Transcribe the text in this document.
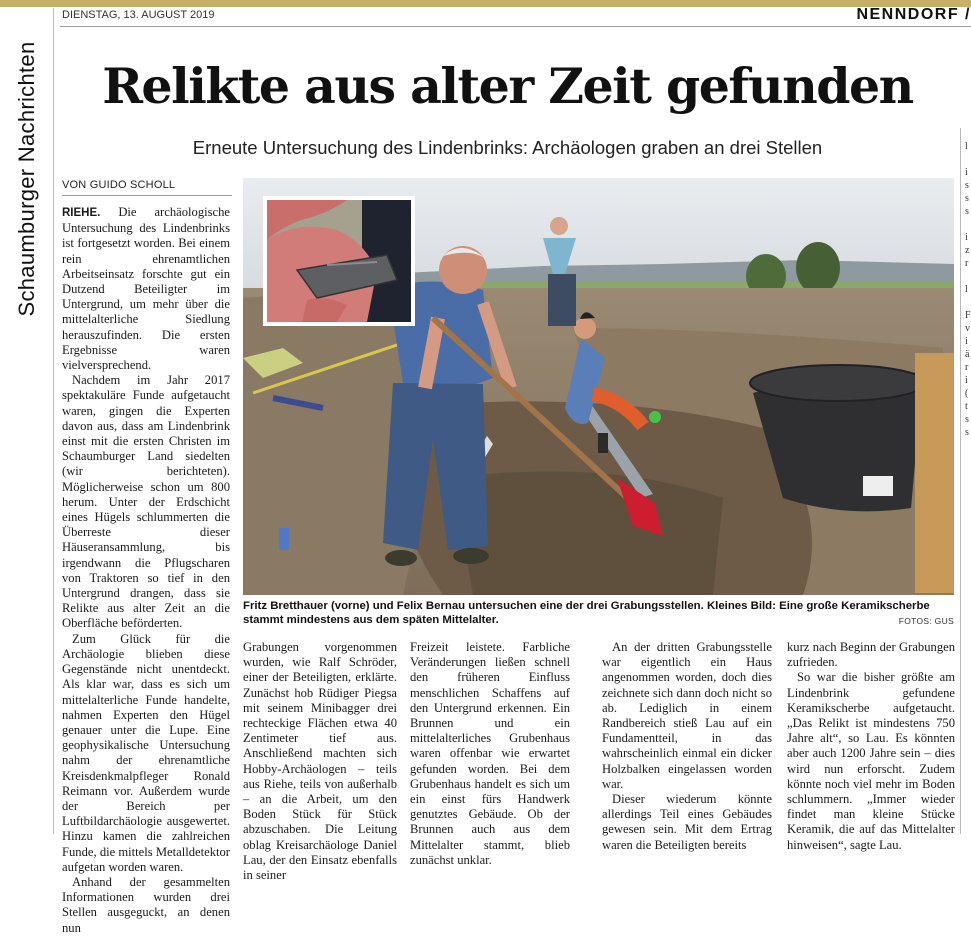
Schaumburger Nachrichten
DIENSTAG, 13. AUGUST 2019	NENNDORF /
Relikte aus alter Zeit gefunden
Erneute Untersuchung des Lindenbrinks: Archäologen graben an drei Stellen	l
i
s
s
s
i
z
r
l
F
v
i
ä
r
i
(
t
s
s
VON GUIDO SCHOLL

RIEHE. Die archäologische Untersuchung des Lindenbrinks ist fortgesetzt worden. Bei einem rein ehrenamtlichen Arbeitseinsatz forschte gut ein Dutzend Beteiligter im Untergrund, um mehr über die mittelalterliche Siedlung herauszufinden. Die ersten Ergebnisse waren vielversprechend.

Nachdem im Jahr 2017 spektakuläre Funde aufgetaucht waren, gingen die Experten davon aus, dass am Lindenbrink einst mit die ersten Christen im Schaumburger Land siedelten (wir berichteten). Möglicherweise schon um 800 herum. Unter der Erdschicht eines Hügels schlummerten die Überreste dieser Häuseransammlung, bis irgendwann die Pflugscharen von Traktoren so tief in den Untergrund drangen, dass sie Relikte aus alter Zeit an die Oberfläche beförderten.

Zum Glück für die Archäologie blieben diese Gegenstände nicht unentdeckt. Als klar war, dass es sich um mittelalterliche Funde handelte, nahmen Experten den Hügel genauer unter die Lupe. Eine geophysikalische Untersuchung nahm der ehrenamtliche Kreisdenkmalpfleger Ronald Reimann vor. Außerdem wurde der Bereich per Luftbildarchäologie ausgewertet. Hinzu kamen die zahlreichen Funde, die mittels Metalldetektor aufgetan worden waren.

Anhand der gesammelten Informationen wurden drei Stellen ausgeguckt, an denen nun

Fritz Bretthauer (vorne) und Felix Bernau untersuchen eine der drei Grabungsstellen. Kleines Bild: Eine große Keramikscherbe stammt mindestens aus dem späten Mittelalter.	FOTOS: GUS

Grabungen vorgenommen wurden, wie Ralf Schröder, einer der Beteiligten, erklärte. Zunächst hob Rüdiger Piegsa mit seinem Minibagger drei rechteckige Flächen etwa 40 Zentimeter tief aus. Anschließend machten sich Hobby-Archäologen – teils aus Riehe, teils von außerhalb – an die Arbeit, um den Boden Stück für Stück abzuschaben. Die Leitung oblag Kreisarchäologe Daniel Lau, der den Einsatz ebenfalls in seiner

Freizeit leistete. Farbliche Veränderungen ließen schnell den früheren Einfluss menschlichen Schaffens auf den Untergrund erkennen. Ein Brunnen und ein mittelalterliches Grubenhaus waren offenbar wie erwartet gefunden worden. Bei dem Grubenhaus handelt es sich um ein einst fürs Handwerk genutztes Gebäude. Ob der Brunnen auch aus dem Mittelalter stammt, blieb zunächst unklar.

An der dritten Grabungsstelle war eigentlich ein Haus angenommen worden, doch dies zeichnete sich dann doch nicht so ab. Lediglich in einem Randbereich stieß Lau auf ein Fundamentteil, in das wahrscheinlich einmal ein dicker Holzbalken eingelassen worden war.

Dieser wiederum könnte allerdings Teil eines Gebäudes gewesen sein. Mit dem Ertrag waren die Beteiligten bereits

kurz nach Beginn der Grabungen zufrieden.

So war die bisher größte am Lindenbrink gefundene Keramikscherbe aufgetaucht. „Das Relikt ist mindestens 750 Jahre alt“, so Lau. Es könnten aber auch 1200 Jahre sein – dies wird nun erforscht. Zudem könnte noch viel mehr im Boden schlummern. „Immer wieder findet man kleine Stücke Keramik, die auf das Mittelalter hinweisen“, sagte Lau.
